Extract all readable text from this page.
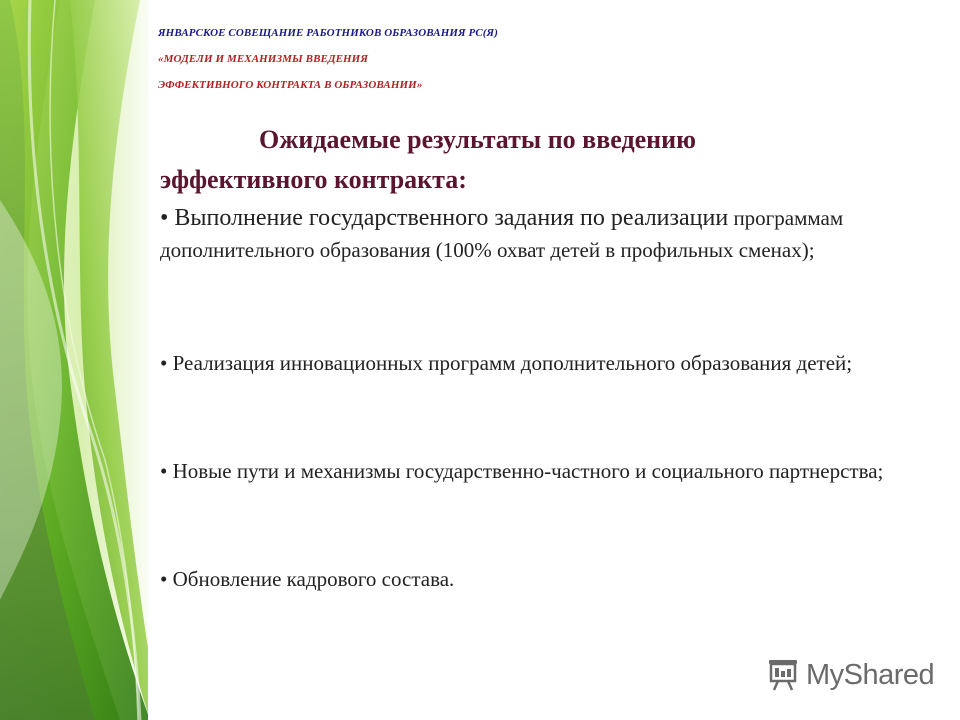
ЯНВАРСКОЕ СОВЕЩАНИЕ РАБОТНИКОВ ОБРАЗОВАНИЯ РС(Я)
«МОДЕЛИ И МЕХАНИЗМЫ ВВЕДЕНИЯ
ЭФФЕКТИВНОГО КОНТРАКТА В ОБРАЗОВАНИИ»
Ожидаемые результаты по введению
эффективного контракта:
• Выполнение государственного задания по реализации программам дополнительного образования (100% охват детей в профильных сменах);
• Реализация инновационных программ дополнительного образования детей;
• Новые пути и механизмы государственно-частного и социального партнерства;
• Обновление кадрового состава.
MyShared
